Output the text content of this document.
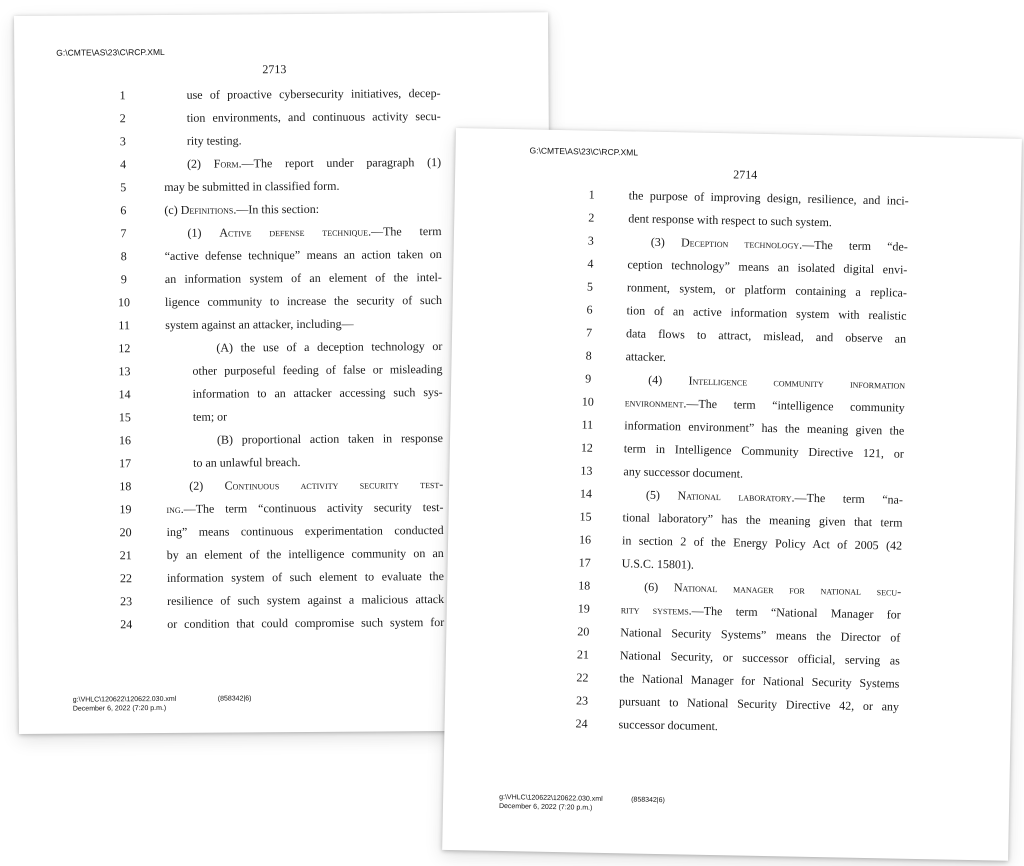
G:\CMTE\AS\23\C\RCP.XML
2713
1	use of proactive cybersecurity initiatives, decep-
2	tion environments, and continuous activity secu-
3	rity testing.
4	(2) Form.—The report under paragraph (1)
5	may be submitted in classified form.
6	(c) Definitions.—In this section:
7	(1) Active defense technique.—The term
8	“active defense technique” means an action taken on
9	an information system of an element of the intel-
10	ligence community to increase the security of such
11	system against an attacker, including—
12	(A) the use of a deception technology or
13	other purposeful feeding of false or misleading
14	information to an attacker accessing such sys-
15	tem; or
16	(B) proportional action taken in response
17	to an unlawful breach.
18	(2) Continuous activity security test-
19	ing.—The term “continuous activity security test-
20	ing” means continuous experimentation conducted
21	by an element of the intelligence community on an
22	information system of such element to evaluate the
23	resilience of such system against a malicious attack
24	or condition that could compromise such system for
g:\VHLC\120622\120622.030.xml
December 6, 2022 (7:20 p.m.)
(858342|6)
G:\CMTE\AS\23\C\RCP.XML
2714
1	the purpose of improving design, resilience, and inci-
2	dent response with respect to such system.
3	(3) Deception technology.—The term “de-
4	ception technology” means an isolated digital envi-
5	ronment, system, or platform containing a replica-
6	tion of an active information system with realistic
7	data flows to attract, mislead, and observe an
8	attacker.
9	(4) Intelligence community information
10	environment.—The term “intelligence community
11	information environment” has the meaning given the
12	term in Intelligence Community Directive 121, or
13	any successor document.
14	(5) National laboratory.—The term “na-
15	tional laboratory” has the meaning given that term
16	in section 2 of the Energy Policy Act of 2005 (42
17	U.S.C. 15801).
18	(6) National manager for national secu-
19	rity systems.—The term “National Manager for
20	National Security Systems” means the Director of
21	National Security, or successor official, serving as
22	the National Manager for National Security Systems
23	pursuant to National Security Directive 42, or any
24	successor document.
g:\VHLC\120622\120622.030.xml
December 6, 2022 (7:20 p.m.)
(858342|6)
